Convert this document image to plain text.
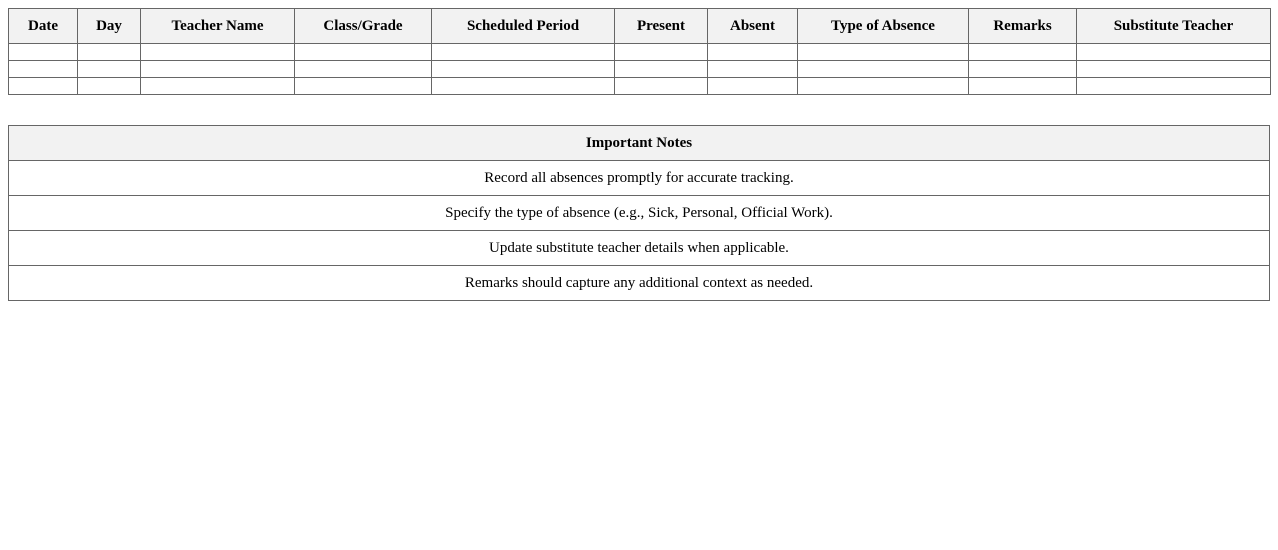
Date	Day	Teacher Name	Class/Grade	Scheduled Period	Present	Absent	Type of Absence	Remarks	Substitute Teacher

Important Notes
Record all absences promptly for accurate tracking.
Specify the type of absence (e.g., Sick, Personal, Official Work).
Update substitute teacher details when applicable.
Remarks should capture any additional context as needed.
